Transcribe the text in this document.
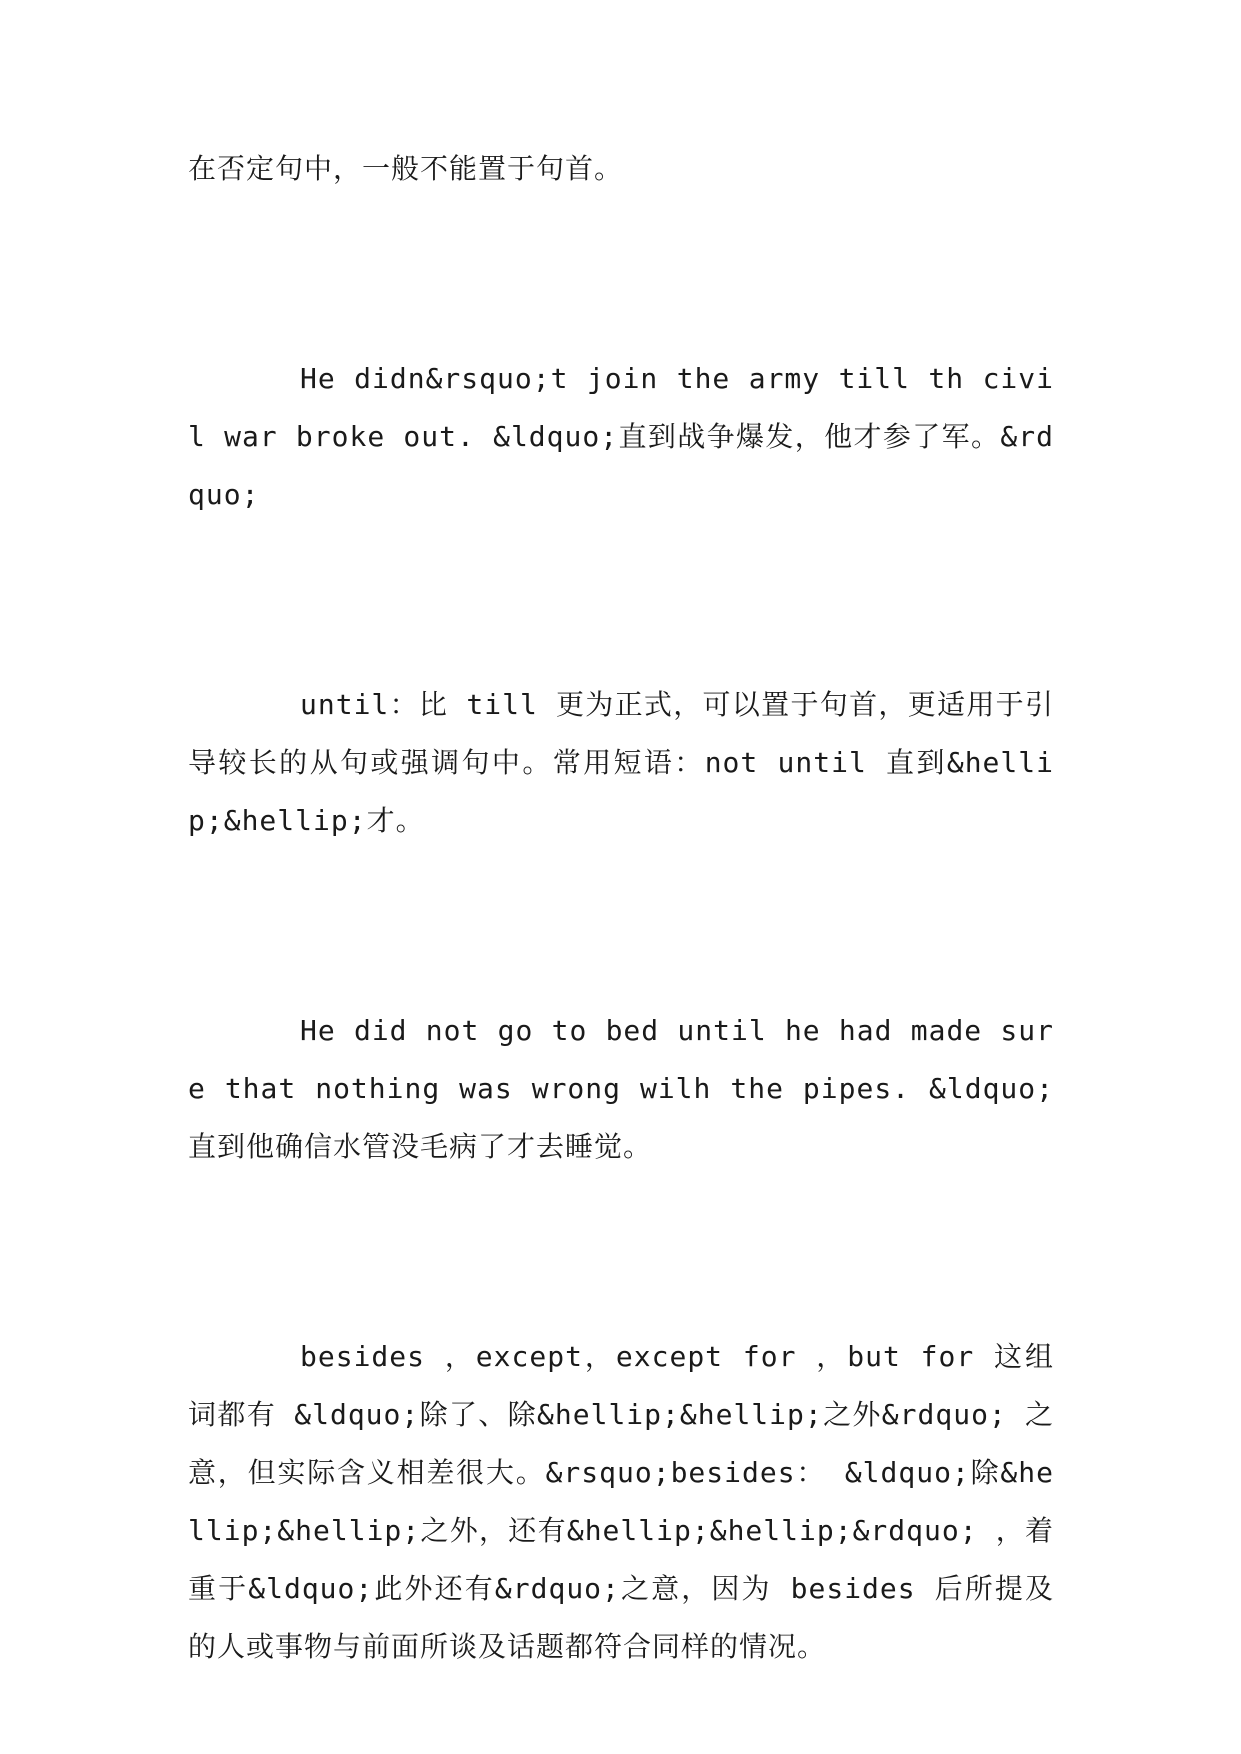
在否定句中，一般不能置于句首。

He didn&rsquo;t join the army till th civil war broke out. &ldquo;直到战争爆发，他才参了军。&rdquo;

until：比 till 更为正式，可以置于句首，更适用于引导较长的从句或强调句中。常用短语：not until 直到&hellip;&hellip;才。

He did not go to bed until he had made sure that nothing was wrong wilh the pipes. &ldquo;直到他确信水管没毛病了才去睡觉。

besides ，except，except for ，but for 这组词都有 &ldquo;除了、除&hellip;&hellip;之外&rdquo; 之意，但实际含义相差很大。&rsquo;besides： &ldquo;除&hellip;&hellip;之外，还有&hellip;&hellip;&rdquo; ，着重于&ldquo;此外还有&rdquo;之意，因为 besides 后所提及的人或事物与前面所谈及话题都符合同样的情况。
